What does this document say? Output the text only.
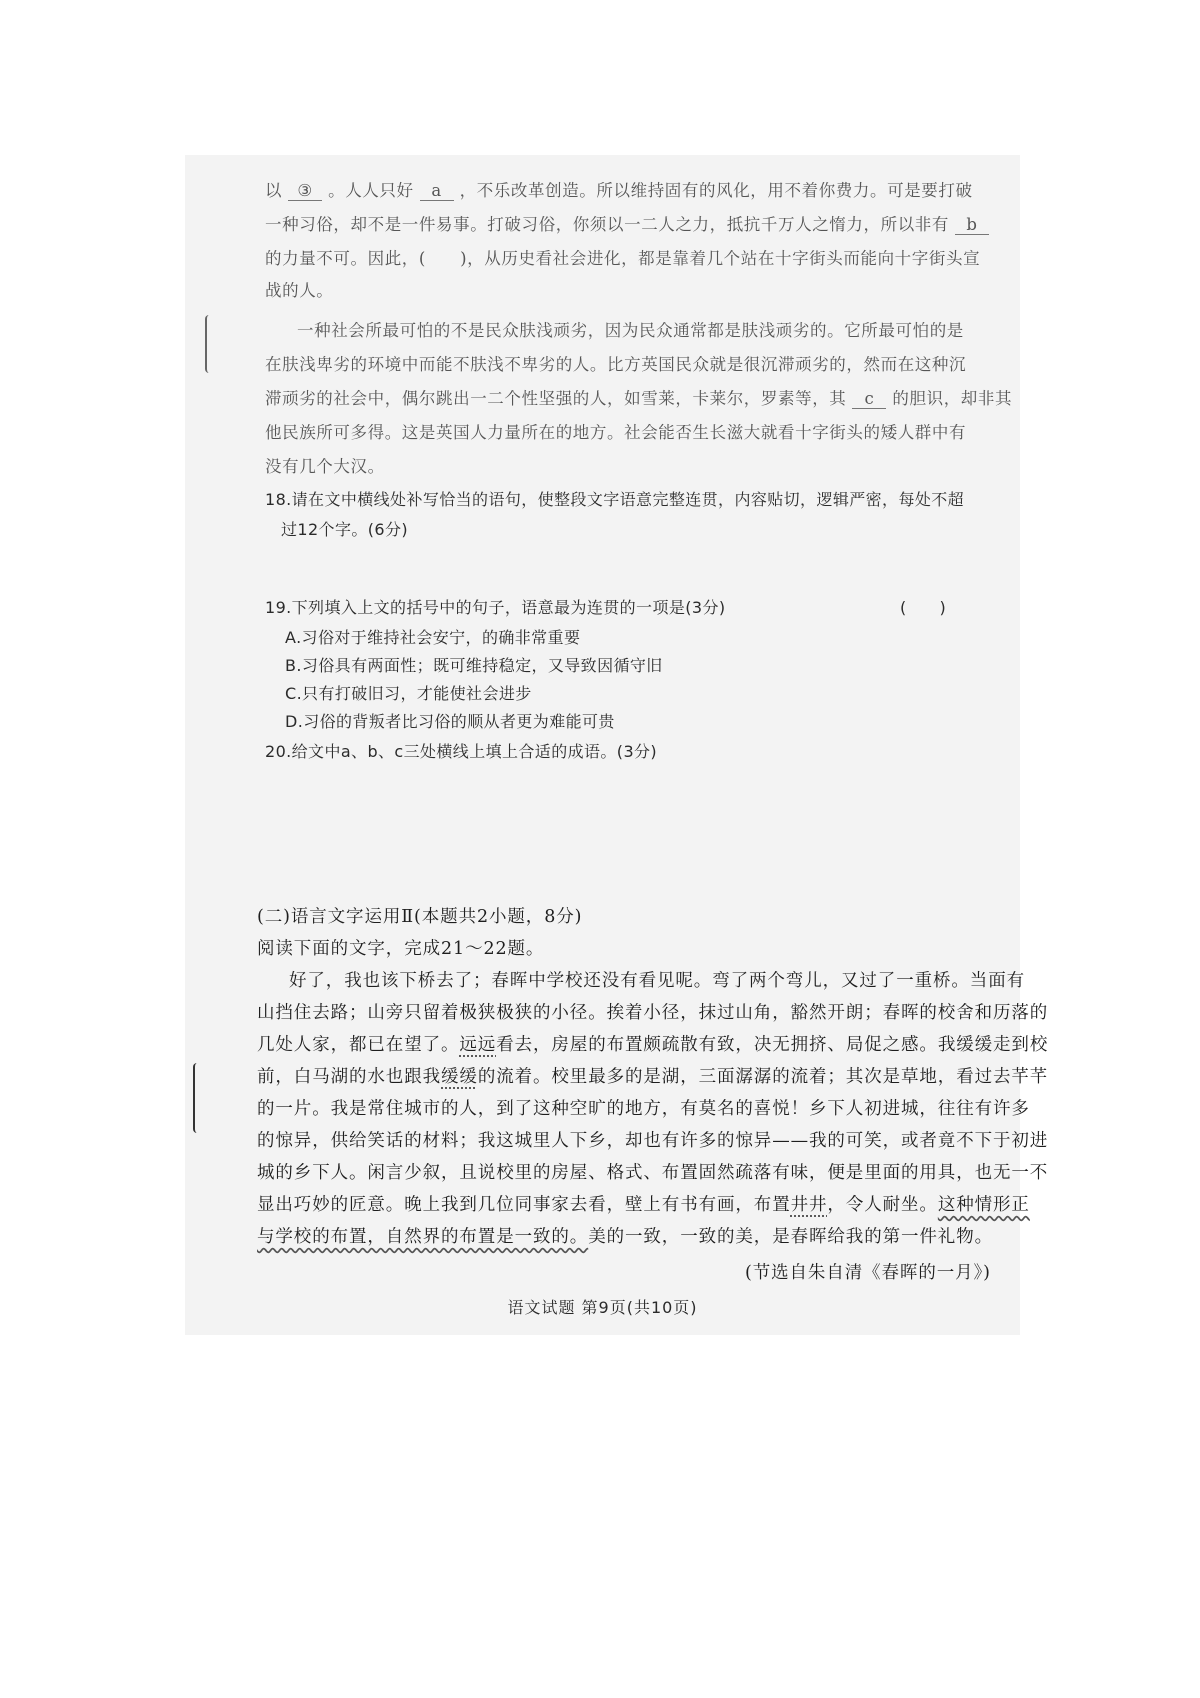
以 ③ 。人人只好 a ，不乐改革创造。所以维持固有的风化，用不着你费力。可是要打破
一种习俗，却不是一件易事。打破习俗，你须以一二人之力，抵抗千万人之惰力，所以非有 b
的力量不可。因此，(　　)，从历史看社会进化，都是靠着几个站在十字街头而能向十字街头宣
战的人。
一种社会所最可怕的不是民众肤浅顽劣，因为民众通常都是肤浅顽劣的。它所最可怕的是
在肤浅卑劣的环境中而能不肤浅不卑劣的人。比方英国民众就是很沉滞顽劣的，然而在这种沉
滞顽劣的社会中，偶尔跳出一二个性坚强的人，如雪莱，卡莱尔，罗素等，其 c 的胆识，却非其
他民族所可多得。这是英国人力量所在的地方。社会能否生长滋大就看十字街头的矮人群中有
没有几个大汉。
18.请在文中横线处补写恰当的语句，使整段文字语意完整连贯，内容贴切，逻辑严密，每处不超
过12个字。(6分)

19.下列填入上文的括号中的句子，语意最为连贯的一项是(3分)	(　　)
A.习俗对于维持社会安宁，的确非常重要
B.习俗具有两面性；既可维持稳定，又导致因循守旧
C.只有打破旧习，才能使社会进步
D.习俗的背叛者比习俗的顺从者更为难能可贵
20.给文中a、b、c三处横线上填上合适的成语。(3分)
(二)语言文字运用Ⅱ(本题共2小题，8分)
阅读下面的文字，完成21～22题。
好了，我也该下桥去了；春晖中学校还没有看见呢。弯了两个弯儿，又过了一重桥。当面有
山挡住去路；山旁只留着极狭极狭的小径。挨着小径，抹过山角，豁然开朗；春晖的校舍和历落的
几处人家，都已在望了。远远看去，房屋的布置颇疏散有致，决无拥挤、局促之感。我缓缓走到校
前，白马湖的水也跟我缓缓的流着。校里最多的是湖，三面潺潺的流着；其次是草地，看过去芊芊
的一片。我是常住城市的人，到了这种空旷的地方，有莫名的喜悦！乡下人初进城，往往有许多
的惊异，供给笑话的材料；我这城里人下乡，却也有许多的惊异——我的可笑，或者竟不下于初进
城的乡下人。闲言少叙，且说校里的房屋、格式、布置固然疏落有味，便是里面的用具，也无一不
显出巧妙的匠意。晚上我到几位同事家去看，壁上有书有画，布置井井，令人耐坐。这种情形正
与学校的布置，自然界的布置是一致的。美的一致，一致的美，是春晖给我的第一件礼物。
(节选自朱自清《春晖的一月》)
语文试题 第9页(共10页)
